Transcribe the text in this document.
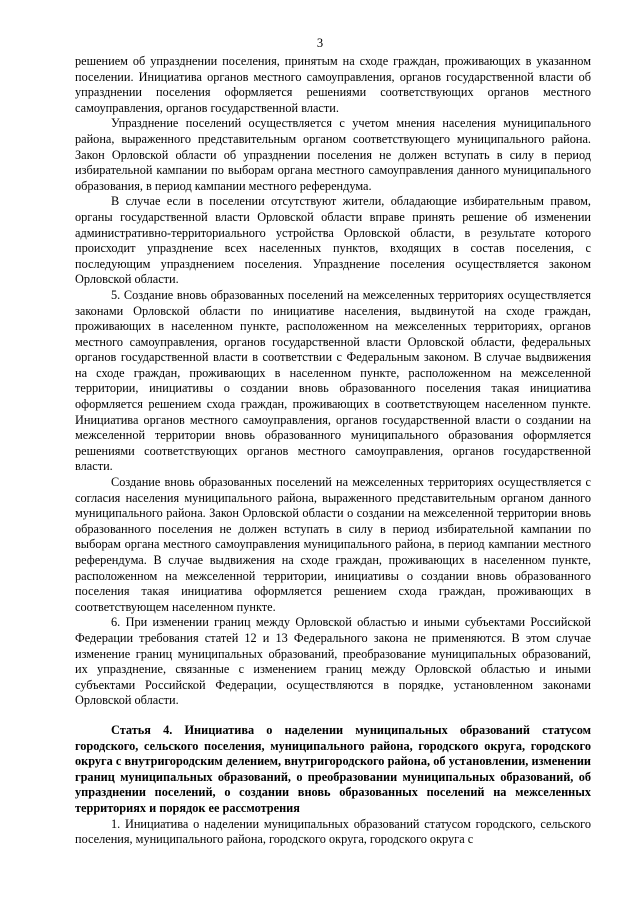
3

решением об упразднении поселения, принятым на сходе граждан, проживающих в указанном поселении. Инициатива органов местного самоуправления, органов государственной власти об упразднении поселения оформляется решениями соответствующих органов местного самоуправления, органов государственной власти.

Упразднение поселений осуществляется с учетом мнения населения муниципального района, выраженного представительным органом соответствующего муниципального района. Закон Орловской области об упразднении поселения не должен вступать в силу в период избирательной кампании по выборам органа местного самоуправления данного муниципального образования, в период кампании местного референдума.

В случае если в поселении отсутствуют жители, обладающие избирательным правом, органы государственной власти Орловской области вправе принять решение об изменении административно-территориального устройства Орловской области, в результате которого происходит упразднение всех населенных пунктов, входящих в состав поселения, с последующим упразднением поселения. Упразднение поселения осуществляется законом Орловской области.

5. Создание вновь образованных поселений на межселенных территориях осуществляется законами Орловской области по инициативе населения, выдвинутой на сходе граждан, проживающих в населенном пункте, расположенном на межселенных территориях, органов местного самоуправления, органов государственной власти Орловской области, федеральных органов государственной власти в соответствии с Федеральным законом. В случае выдвижения на сходе граждан, проживающих в населенном пункте, расположенном на межселенной территории, инициативы о создании вновь образованного поселения такая инициатива оформляется решением схода граждан, проживающих в соответствующем населенном пункте. Инициатива органов местного самоуправления, органов государственной власти о создании на межселенной территории вновь образованного муниципального образования оформляется решениями соответствующих органов местного самоуправления, органов государственной власти.

Создание вновь образованных поселений на межселенных территориях осуществляется с согласия населения муниципального района, выраженного представительным органом данного муниципального района. Закон Орловской области о создании на межселенной территории вновь образованного поселения не должен вступать в силу в период избирательной кампании по выборам органа местного самоуправления муниципального района, в период кампании местного референдума. В случае выдвижения на сходе граждан, проживающих в населенном пункте, расположенном на межселенной территории, инициативы о создании вновь образованного поселения такая инициатива оформляется решением схода граждан, проживающих в соответствующем населенном пункте.

6. При изменении границ между Орловской областью и иными субъектами Российской Федерации требования статей 12 и 13 Федерального закона не применяются. В этом случае изменение границ муниципальных образований, преобразование муниципальных образований, их упразднение, связанные с изменением границ между Орловской областью и иными субъектами Российской Федерации, осуществляются в порядке, установленном законами Орловской области.

Статья 4. Инициатива о наделении муниципальных образований статусом городского, сельского поселения, муниципального района, городского округа, городского округа с внутригородским делением, внутригородского района, об установлении, изменении границ муниципальных образований, о преобразовании муниципальных образований, об упразднении поселений, о создании вновь образованных поселений на межселенных территориях и порядок ее рассмотрения

1. Инициатива о наделении муниципальных образований статусом городского, сельского поселения, муниципального района, городского округа, городского округа с
